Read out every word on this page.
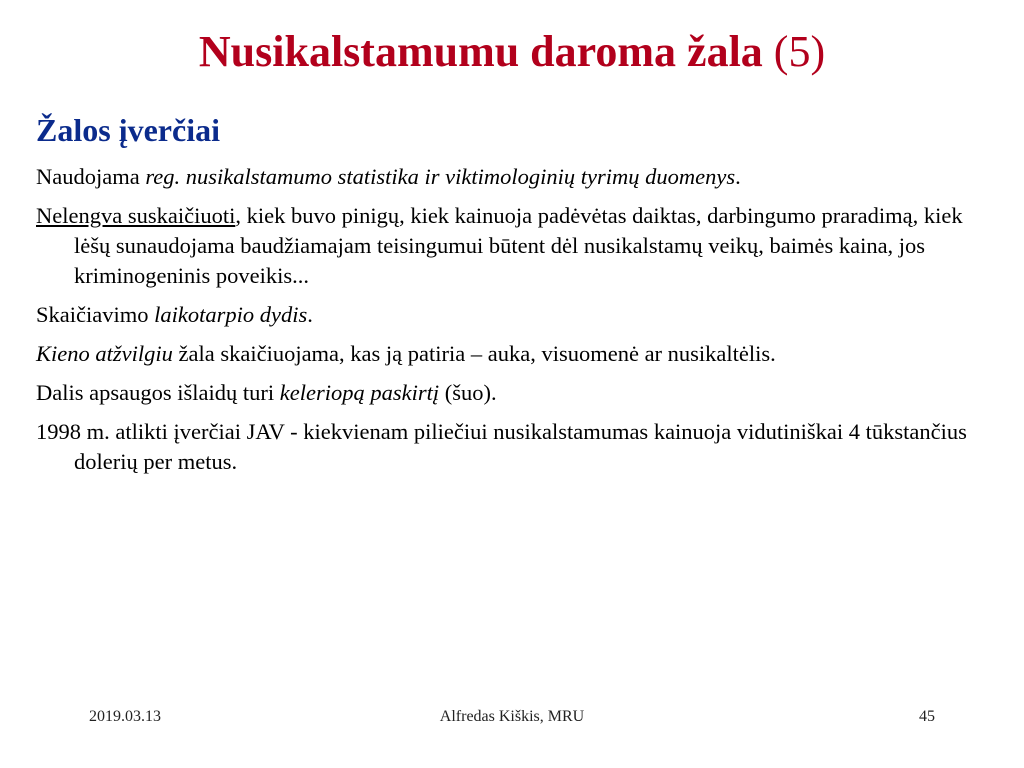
Nusikalstamumu daroma žala (5)
Žalos įverčiai

Naudojama reg. nusikalstamumo statistika ir viktimologinių tyrimų duomenys.

Nelengva suskaičiuoti, kiek buvo pinigų, kiek kainuoja padėvėtas daiktas, darbingumo praradimą, kiek lėšų sunaudojama baudžiamajam teisingumui būtent dėl nusikalstamų veikų, baimės kaina, jos kriminogeninis poveikis...

Skaičiavimo laikotarpio dydis.

Kieno atžvilgiu žala skaičiuojama, kas ją patiria – auka, visuomenė ar nusikaltėlis.

Dalis apsaugos išlaidų turi keleriopą paskirtį (šuo).

1998 m. atlikti įverčiai JAV - kiekvienam piliečiui nusikalstamumas kainuoja vidutiniškai 4 tūkstančius dolerių per metus.

2019.03.13	Alfredas Kiškis, MRU	45
